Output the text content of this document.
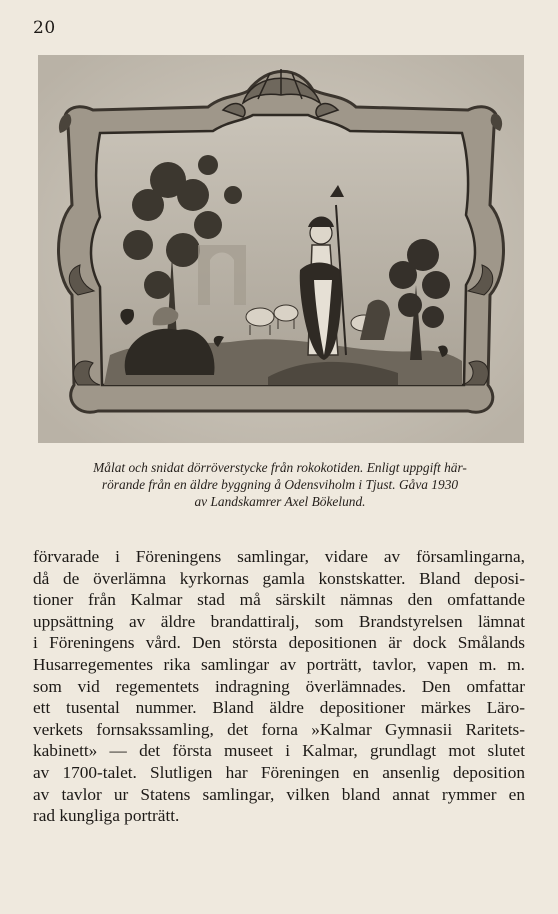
20
Målat och snidat dörröverstycke från rokokotiden. Enligt uppgift här-
rörande från en äldre byggning å Odensviholm i Tjust. Gåva 1930
av Landskamrer Axel Bökelund.
förvarade i Föreningens samlingar, vidare av församlingarna,
då de överlämna kyrkornas gamla konstskatter. Bland deposi-
tioner från Kalmar stad må särskilt nämnas den omfattande
uppsättning av äldre brandattiralj, som Brandstyrelsen lämnat
i Föreningens vård. Den största depositionen är dock Smålands
Husarregementes rika samlingar av porträtt, tavlor, vapen m. m.
som vid regementets indragning överlämnades. Den omfattar
ett tusental nummer. Bland äldre depositioner märkes Läro-
verkets fornsakssamling, det forna »Kalmar Gymnasii Raritets-
kabinett» — det första museet i Kalmar, grundlagt mot slutet
av 1700-talet. Slutligen har Föreningen en ansenlig deposition
av tavlor ur Statens samlingar, vilken bland annat rymmer en
rad kungliga porträtt.
